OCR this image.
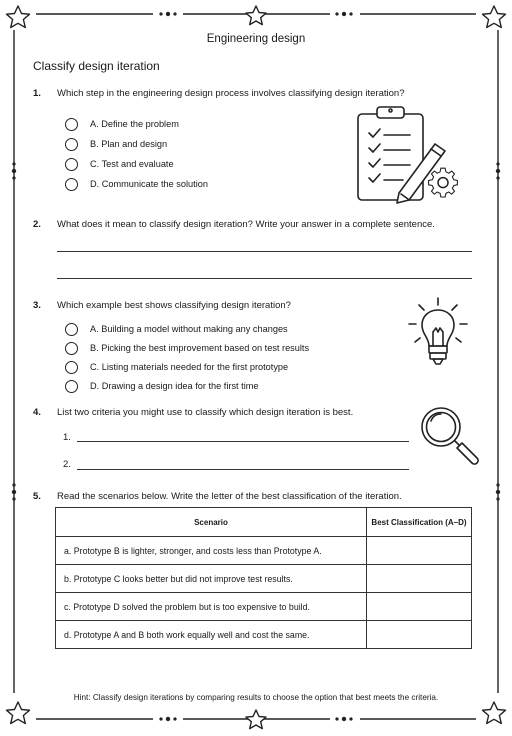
Engineering design
Classify design iteration
1. Which step in the engineering design process involves classifying design iteration?
A. Define the problem
B. Plan and design
C. Test and evaluate
D. Communicate the solution
2. What does it mean to classify design iteration? Write your answer in a complete sentence.
3. Which example best shows classifying design iteration?
A. Building a model without making any changes
B. Picking the best improvement based on test results
C. Listing materials needed for the first prototype
D. Drawing a design idea for the first time
4. List two criteria you might use to classify which design iteration is best.
1.
2.
5. Read the scenarios below. Write the letter of the best classification of the iteration.
Scenario	Best Classification (A–D)
a. Prototype B is lighter, stronger, and costs less than Prototype A.	
b. Prototype C looks better but did not improve test results.	
c. Prototype D solved the problem but is too expensive to build.	
d. Prototype A and B both work equally well and cost the same.	
Hint: Classify design iterations by comparing results to choose the option that best meets the criteria.
